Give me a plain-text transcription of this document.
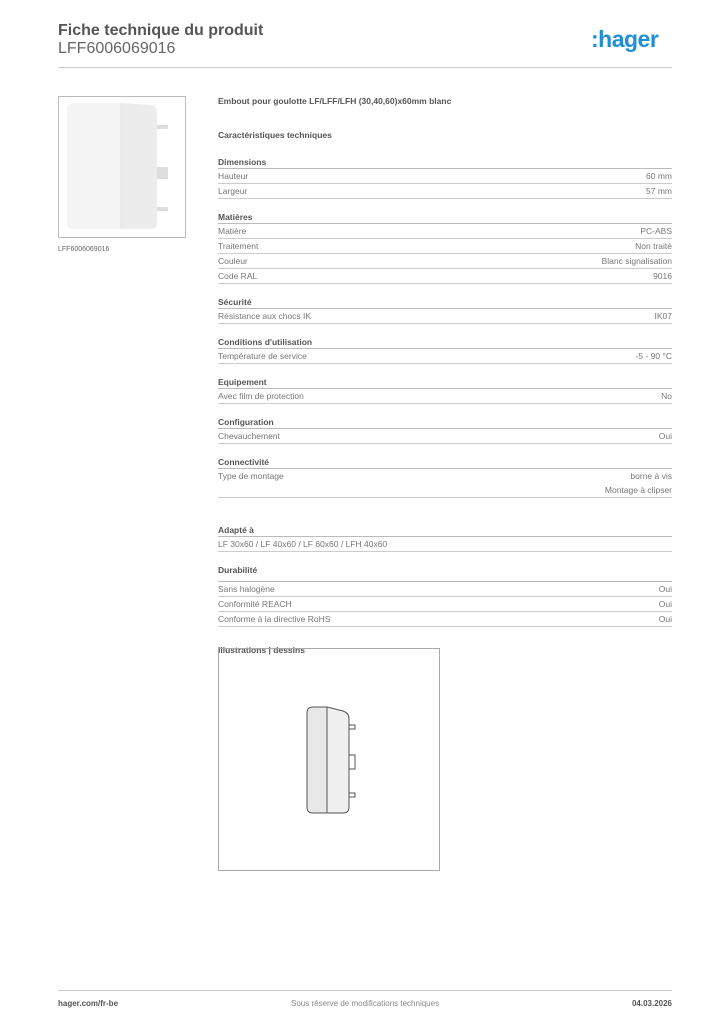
Fiche technique du produit
LFF6006069016	:hager
LFF6006069016
Embout pour goulotte LF/LFF/LFH (30,40,60)x60mm blanc
Caractéristiques techniques
Dimensions
Hauteur	60 mm
Largeur	57 mm
Matières
Matière	PC-ABS
Traitement	Non traité
Couleur	Blanc signalisation
Code RAL	9016
Sécurité
Résistance aux chocs IK	IK07
Conditions d'utilisation
Température de service	-5 - 90 °C
Equipement
Avec film de protection	No
Configuration
Chevauchement	Oui
Connectivité
Type de montage	borne à vis
Montage à clipser
Adapté à
LF 30x60 / LF 40x60 / LF 60x60 / LFH 40x60
Durabilité
Sans halogène	Oui
Conformité REACH	Oui
Conforme à la directive RoHS	Oui
Illustrations | dessins
hager.com/fr-be	Sous réserve de modifications techniques	04.03.2026
